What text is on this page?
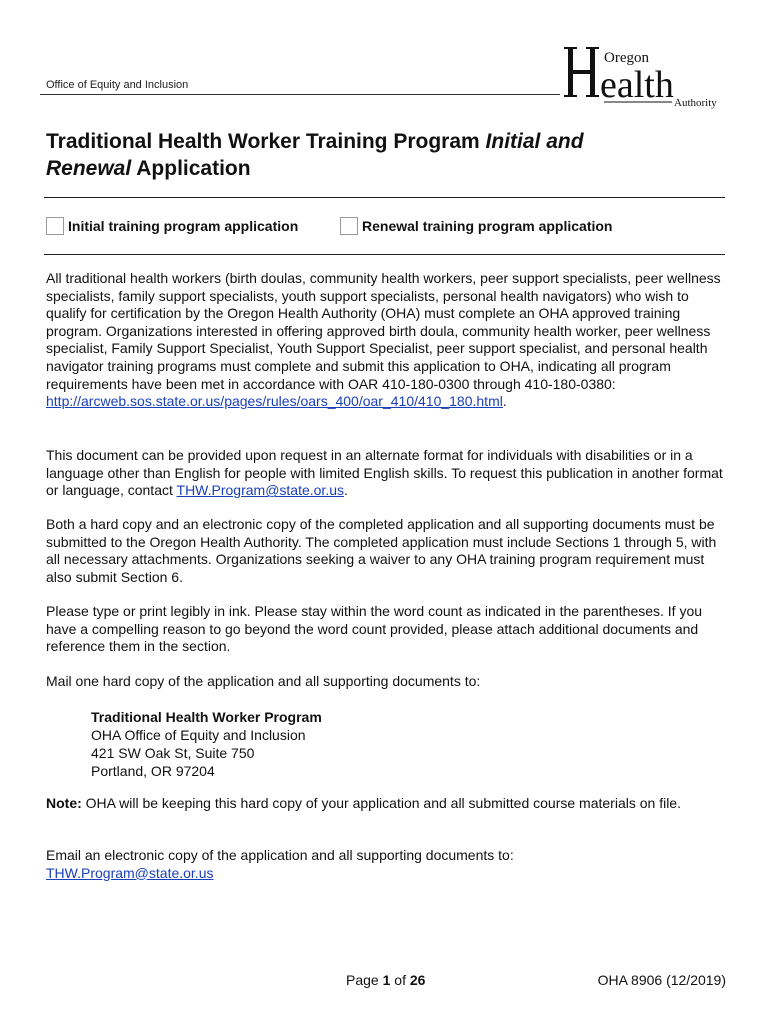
Office of Equity and Inclusion	ealth
Oregon
Authority
Traditional Health Worker Training Program Initial and
Renewal Application
Initial training program application	Renewal training program application

All traditional health workers (birth doulas, community health workers, peer support specialists, peer wellness specialists, family support specialists, youth support specialists, personal health navigators) who wish to qualify for certification by the Oregon Health Authority (OHA) must complete an OHA approved training program. Organizations interested in offering approved birth doula, community health worker, peer wellness specialist, Family Support Specialist, Youth Support Specialist, peer support specialist, and personal health navigator training programs must complete and submit this application to OHA, indicating all program requirements have been met in accordance with OAR 410-180-0300 through 410-180-0380: http://arcweb.sos.state.or.us/pages/rules/oars_400/oar_410/410_180.html.

This document can be provided upon request in an alternate format for individuals with disabilities or in a language other than English for people with limited English skills. To request this publication in another format or language, contact THW.Program@state.or.us.

Both a hard copy and an electronic copy of the completed application and all supporting documents must be submitted to the Oregon Health Authority. The completed application must include Sections 1 through 5, with all necessary attachments. Organizations seeking a waiver to any OHA training program requirement must also submit Section 6.

Please type or print legibly in ink. Please stay within the word count as indicated in the parentheses. If you have a compelling reason to go beyond the word count provided, please attach additional documents and reference them in the section.

Mail one hard copy of the application and all supporting documents to:

Traditional Health Worker Program
OHA Office of Equity and Inclusion
421 SW Oak St, Suite 750
Portland, OR 97204

Note: OHA will be keeping this hard copy of your application and all submitted course materials on file.

Email an electronic copy of the application and all supporting documents to:
THW.Program@state.or.us

Page 1 of 26	OHA 8906 (12/2019)
